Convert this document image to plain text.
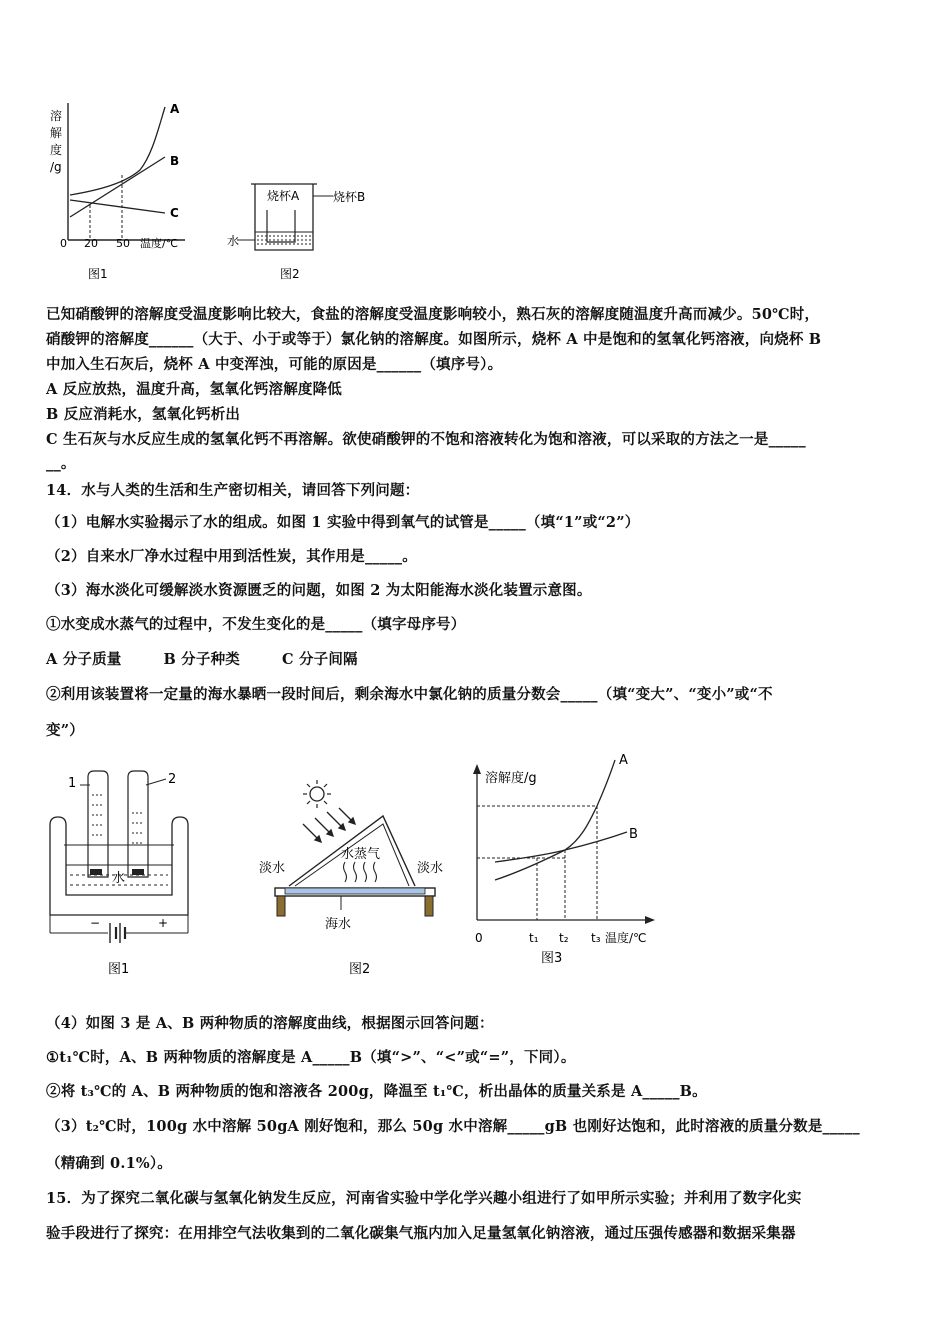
溶
解
度
/g
A
B
C
0 20 50 温度/℃
图1
烧杯A	烧杯B
水
图2
已知硝酸钾的溶解度受温度影响比较大，食盐的溶解度受温度影响较小，熟石灰的溶解度随温度升高而减少。50℃时，
硝酸钾的溶解度______（大于、小于或等于）氯化钠的溶解度。如图所示，烧杯 A 中是饱和的氢氧化钙溶液，向烧杯 B
中加入生石灰后，烧杯 A 中变浑浊，可能的原因是______（填序号）。
A 反应放热，温度升高，氢氧化钙溶解度降低
B 反应消耗水，氢氧化钙析出
C 生石灰与水反应生成的氢氧化钙不再溶解。欲使硝酸钾的不饱和溶液转化为饱和溶液，可以采取的方法之一是_____
__。
14．水与人类的生活和生产密切相关，请回答下列问题：
（1）电解水实验揭示了水的组成。如图 1 实验中得到氧气的试管是_____（填“1”或“2”）
（2）自来水厂净水过程中用到活性炭，其作用是_____。
（3）海水淡化可缓解淡水资源匮乏的问题，如图 2 为太阳能海水淡化装置示意图。
①水变成水蒸气的过程中，不发生变化的是_____（填字母序号）
A 分子质量        B 分子种类        C 分子间隔
②利用该装置将一定量的海水暴晒一段时间后，剩余海水中氯化钠的质量分数会_____（填“变大”、“变小”或“不
变”）
1	2
水
−	+
图1
淡水	淡水
水蒸气
海水
图2
溶解度/g
A
B
0	t₁ t₂ t₃ 温度/℃
图3
（4）如图 3 是 A、B 两种物质的溶解度曲线，根据图示回答问题：
①t₁℃时，A、B 两种物质的溶解度是 A_____B（填“>”、“<”或“=”，下同）。
②将 t₃℃的 A、B 两种物质的饱和溶液各 200g，降温至 t₁℃，析出晶体的质量关系是 A_____B。
（3）t₂℃时，100g 水中溶解 50gA 刚好饱和，那么 50g 水中溶解_____gB 也刚好达饱和，此时溶液的质量分数是_____
（精确到 0.1%）。
15．为了探究二氧化碳与氢氧化钠发生反应，河南省实验中学化学兴趣小组进行了如甲所示实验；并利用了数字化实
验手段进行了探究：在用排空气法收集到的二氧化碳集气瓶内加入足量氢氧化钠溶液，通过压强传感器和数据采集器
